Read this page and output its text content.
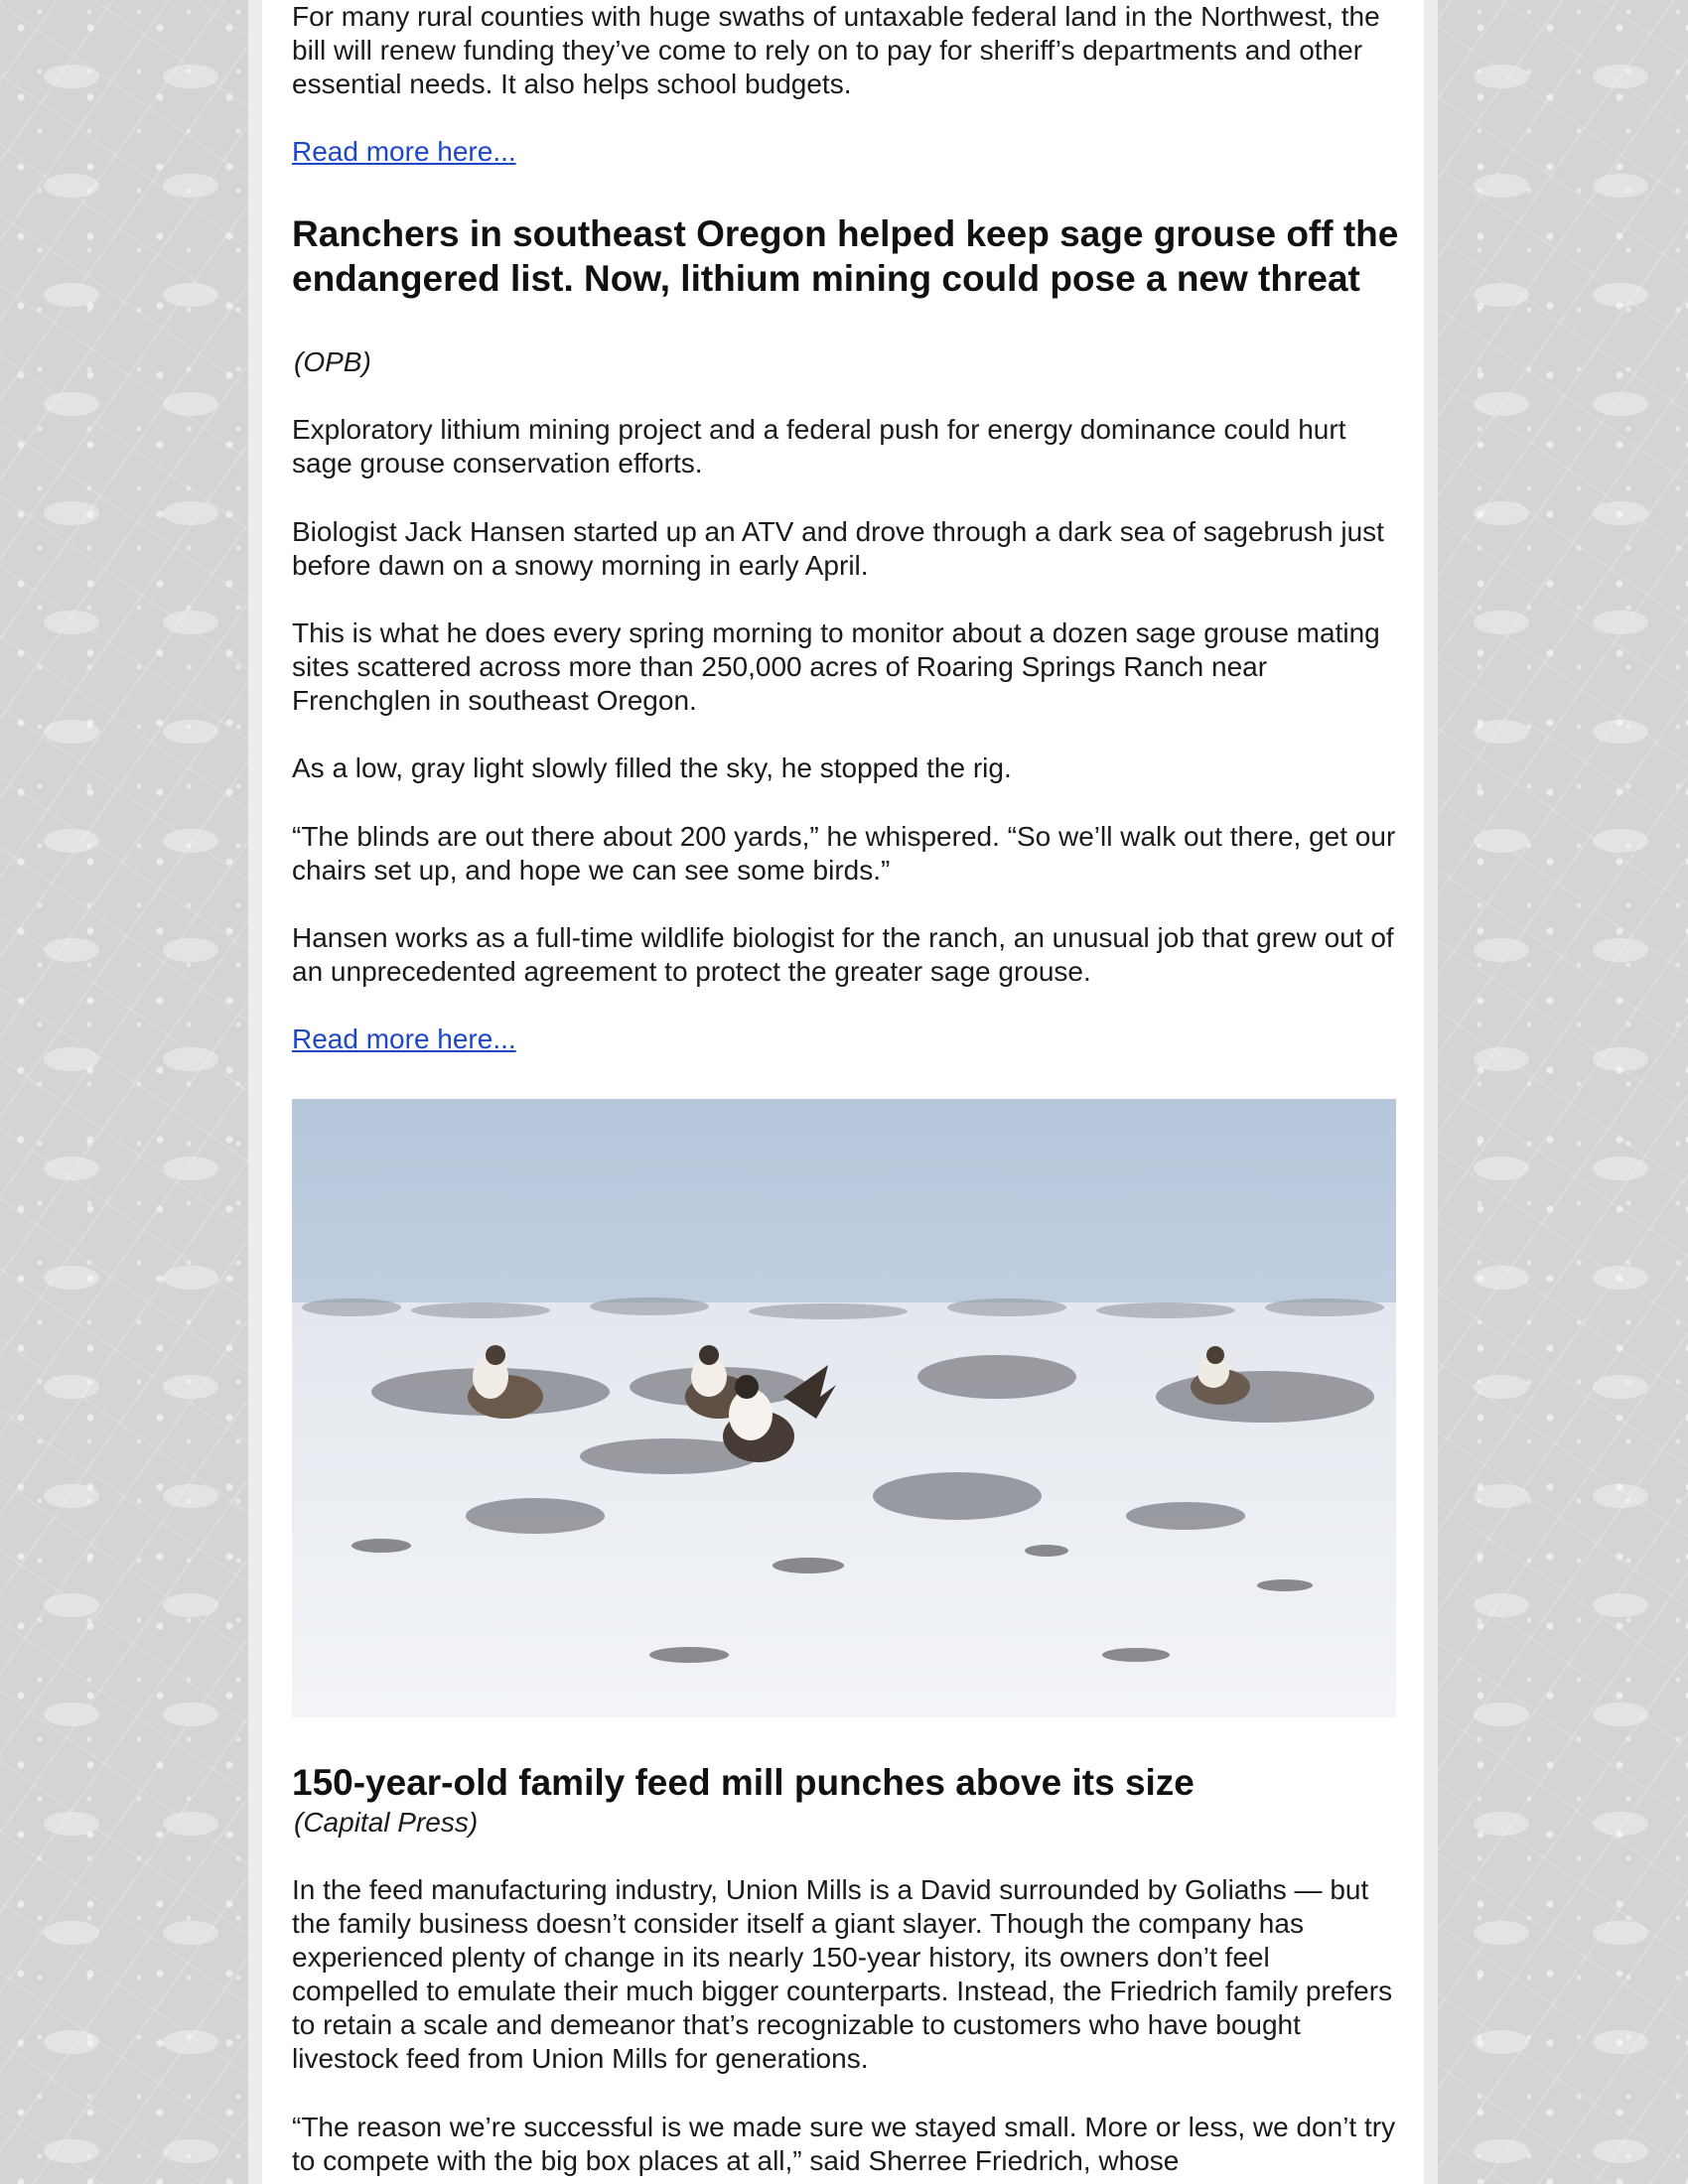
For many rural counties with huge swaths of untaxable federal land in the Northwest, the bill will renew funding they’ve come to rely on to pay for sheriff’s departments and other essential needs. It also helps school budgets.
Read more here...
Ranchers in southeast Oregon helped keep sage grouse off the endangered list. Now, lithium mining could pose a new threat
(OPB)
Exploratory lithium mining project and a federal push for energy dominance could hurt sage grouse conservation efforts.
Biologist Jack Hansen started up an ATV and drove through a dark sea of sagebrush just before dawn on a snowy morning in early April.
This is what he does every spring morning to monitor about a dozen sage grouse mating sites scattered across more than 250,000 acres of Roaring Springs Ranch near Frenchglen in southeast Oregon.
As a low, gray light slowly filled the sky, he stopped the rig.
“The blinds are out there about 200 yards,” he whispered. “So we’ll walk out there, get our chairs set up, and hope we can see some birds.”
Hansen works as a full-time wildlife biologist for the ranch, an unusual job that grew out of an unprecedented agreement to protect the greater sage grouse.
Read more here...
150-year-old family feed mill punches above its size
(Capital Press)
In the feed manufacturing industry, Union Mills is a David surrounded by Goliaths — but the family business doesn’t consider itself a giant slayer. Though the company has experienced plenty of change in its nearly 150-year history, its owners don’t feel compelled to emulate their much bigger counterparts. Instead, the Friedrich family prefers to retain a scale and demeanor that’s recognizable to customers who have bought livestock feed from Union Mills for generations.
“The reason we’re successful is we made sure we stayed small. More or less, we don’t try to compete with the big box places at all,” said Sherree Friedrich, whose
